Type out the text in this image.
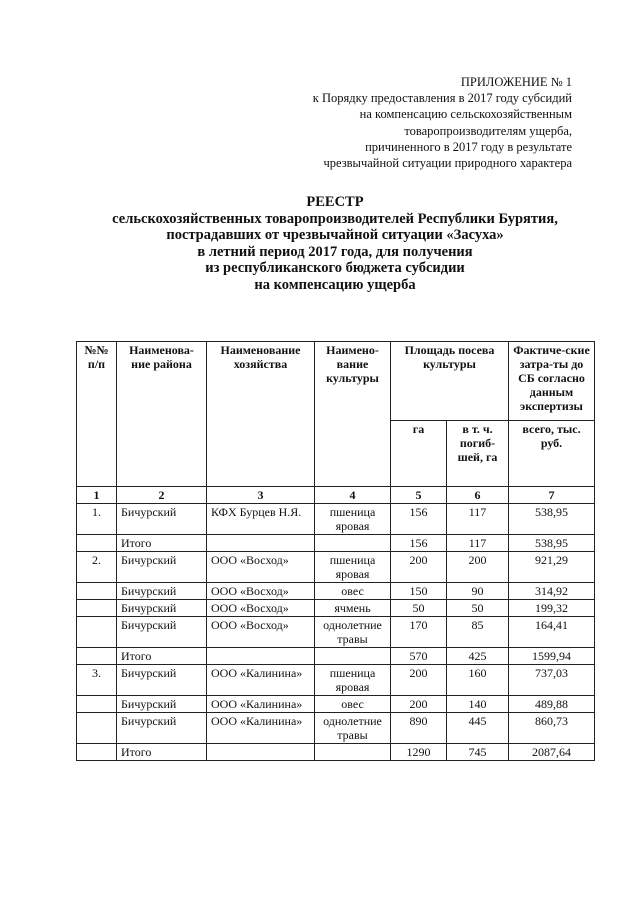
ПРИЛОЖЕНИЕ № 1
к Порядку предоставления в 2017 году субсидий
на компенсацию сельскохозяйственным
товаропроизводителям ущерба,
причиненного в 2017 году в результате
чрезвычайной ситуации природного характера
РЕЕСТР
сельскохозяйственных товаропроизводителей Республики Бурятия,
пострадавших от чрезвычайной ситуации «Засуха»
в летний период 2017 года, для получения
из республиканского бюджета субсидии
на компенсацию ущерба
№№ п/п	Наименова-ние района	Наименование хозяйства	Наимено-вание культуры	Площадь посева культуры		Фактиче-ские затра-ты до СБ согласно данным экспертизы
				га	в т. ч. погиб-шей, га	всего, тыс. руб.
1	2	3	4	5	6	7
1.	Бичурский	КФХ Бурцев Н.Я.	пшеница яровая	156	117	538,95
	Итого			156	117	538,95
2.	Бичурский	ООО «Восход»	пшеница яровая	200	200	921,29
	Бичурский	ООО «Восход»	овес	150	90	314,92
	Бичурский	ООО «Восход»	ячмень	50	50	199,32
	Бичурский	ООО «Восход»	однолетние травы	170	85	164,41
	Итого			570	425	1599,94
3.	Бичурский	ООО «Калинина»	пшеница яровая	200	160	737,03
	Бичурский	ООО «Калинина»	овес	200	140	489,88
	Бичурский	ООО «Калинина»	однолетние травы	890	445	860,73
	Итого			1290	745	2087,64
